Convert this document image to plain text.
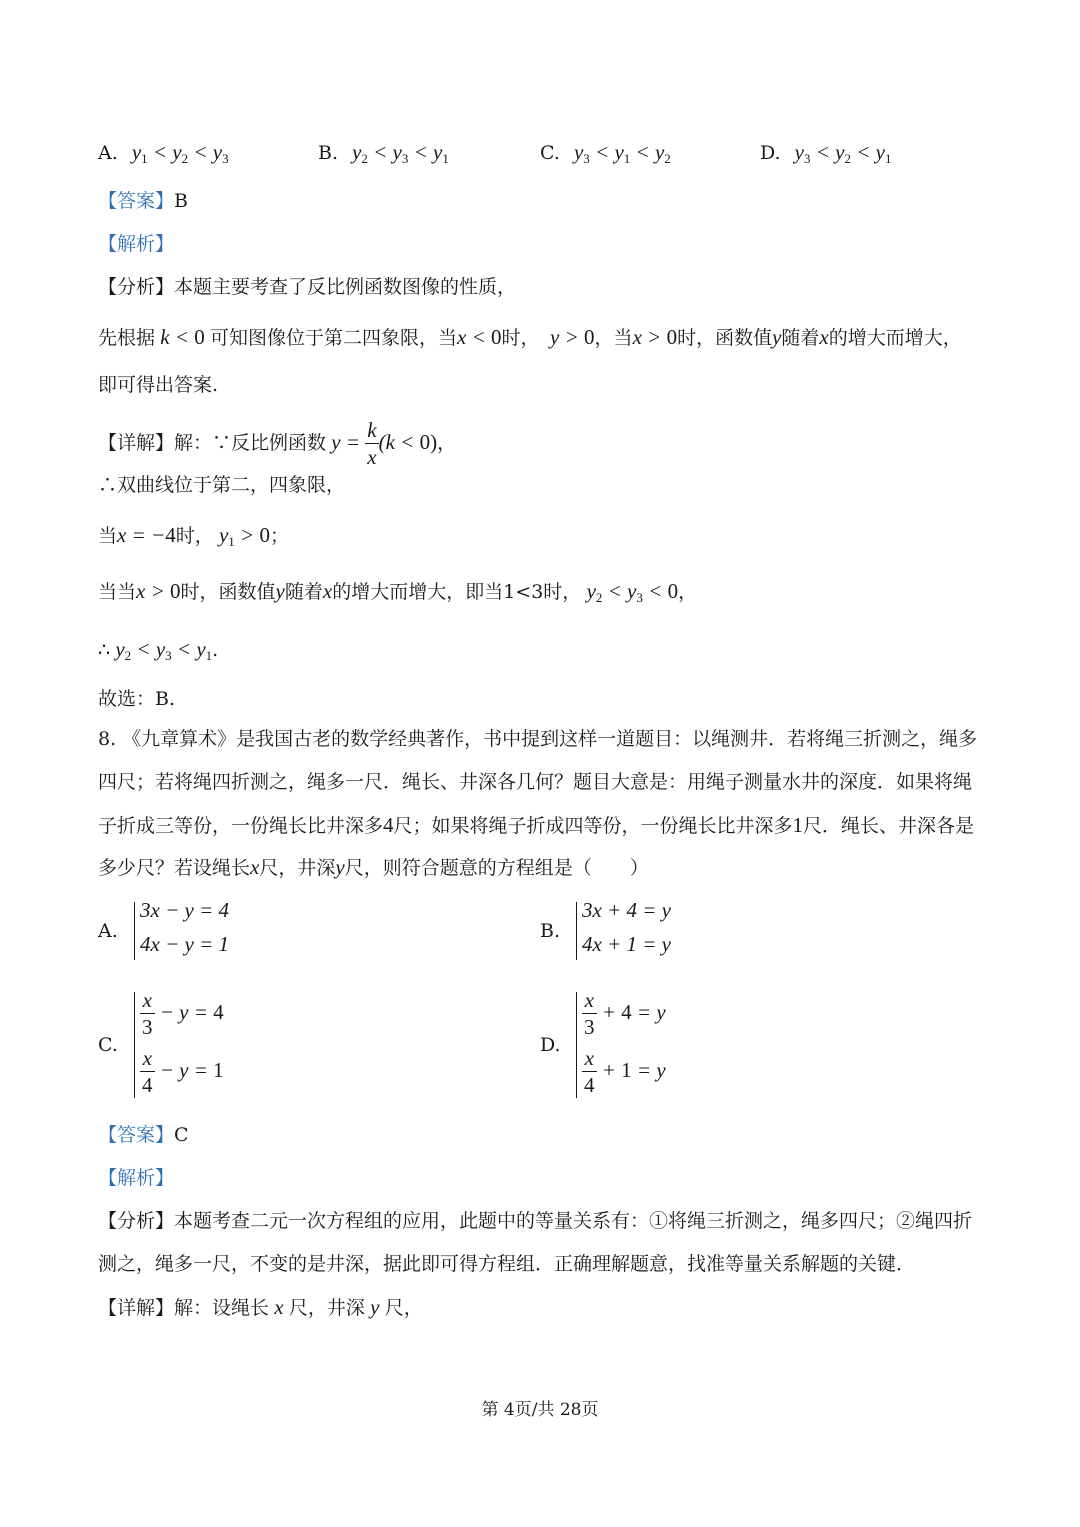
A. $y_1 < y_2 < y_3$	B. $y_2 < y_3 < y_1$	C. $y_3 < y_1 < y_2$	D. $y_3 < y_2 < y_1$
【答案】B
【解析】
【分析】本题主要考查了反比例函数图像的性质，
先根据 k < 0 可知图像位于第二四象限，当x < 0时，  y > 0，当x > 0时，函数值y随着x的增大而增大，
即可得出答案.
【详解】解：∵反比例函数 $y = \frac{k}{x} (k < 0)$，
∴双曲线位于第二，四象限，
当x = −4时， $y_1 > 0$；
当当x > 0时，函数值y随着x的增大而增大，即当1<3时， $y_2 < y_3 < 0$，
∴ $y_2 < y_3 < y_1$.
故选：B.
8. 《九章算术》是我国古老的数学经典著作，书中提到这样一道题目：以绳测井．若将绳三折测之，绳多
四尺；若将绳四折测之，绳多一尺．绳长、井深各几何？题目大意是：用绳子测量水井的深度．如果将绳
子折成三等份，一份绳长比井深多4尺；如果将绳子折成四等份，一份绳长比井深多1尺．绳长、井深各是
多少尺？若设绳长x尺，井深y尺，则符合题意的方程组是（　　）
A.
3x − y = 4
4x − y = 1
B.
3x + 4 = y
4x + 1 = y
C.
$\frac{x}{3} - y = 4$
$\frac{x}{4} - y = 1$
D.
$\frac{x}{3} + 4 = y$
$\frac{x}{4} + 1 = y$
【答案】C
【解析】
【分析】本题考查二元一次方程组的应用，此题中的等量关系有：①将绳三折测之，绳多四尺；②绳四折
测之，绳多一尺，不变的是井深，据此即可得方程组．正确理解题意，找准等量关系解题的关键．
【详解】解：设绳长 x 尺，井深 y 尺，
第 4页/共 28页
